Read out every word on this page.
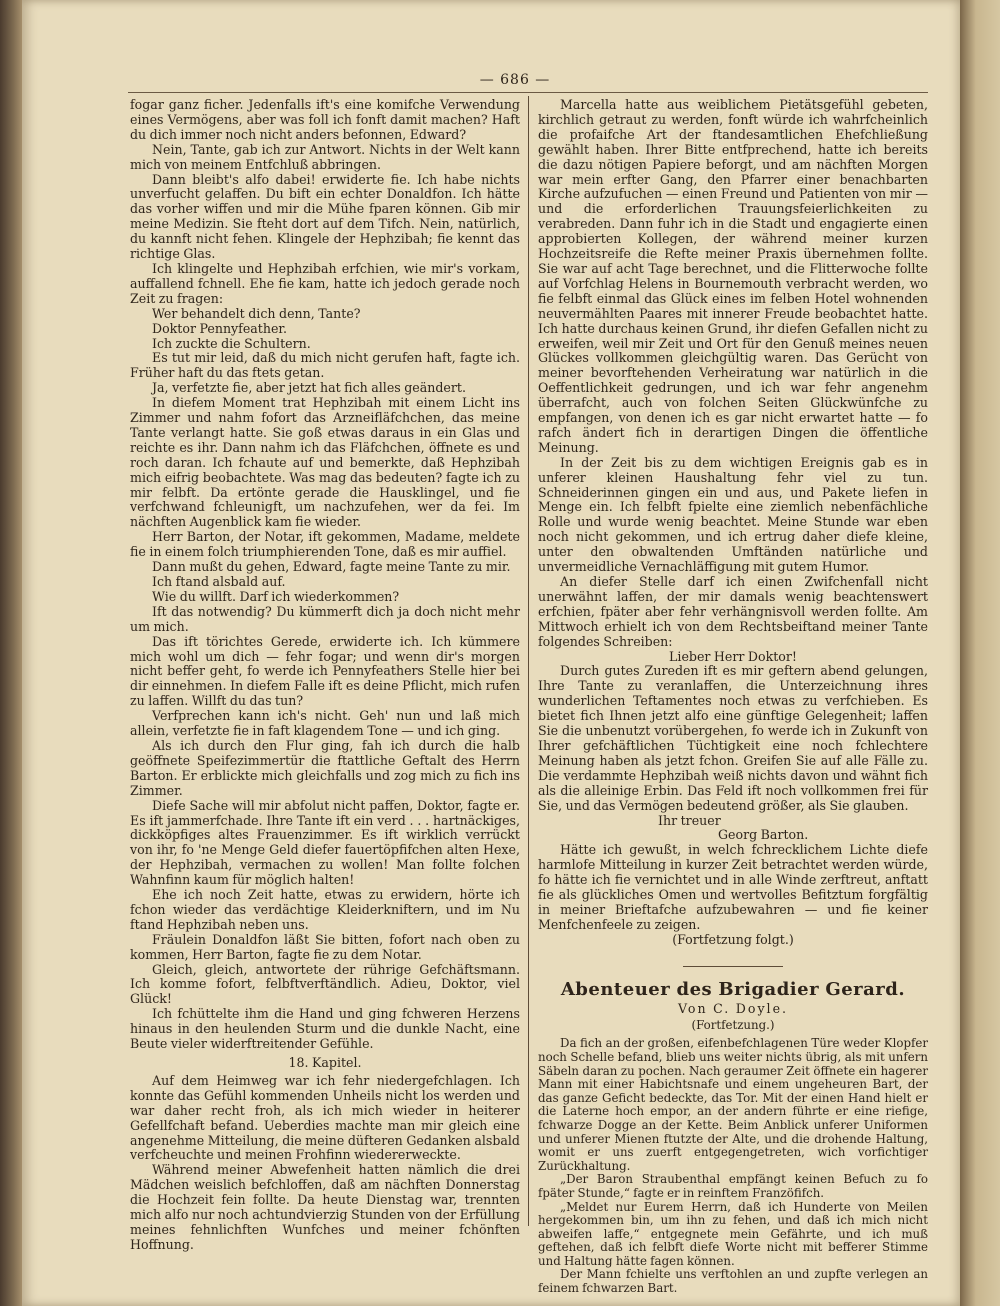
— 686 —

fogar ganz ficher. Jedenfalls ift's eine komifche Verwendung eines Vermögens, aber was foll ich fonft damit machen? Haft du dich immer noch nicht anders befonnen, Edward?

Nein, Tante, gab ich zur Antwort. Nichts in der Welt kann mich von meinem Entfchluß abbringen.

Dann bleibt's alfo dabei! erwiderte fie. Ich habe nichts unverfucht gelaffen. Du bift ein echter Donaldfon. Ich hätte das vorher wiffen und mir die Mühe fparen können. Gib mir meine Medizin. Sie fteht dort auf dem Tifch. Nein, natürlich, du kannft nicht fehen. Klingele der Hephzibah; fie kennt das richtige Glas.

Ich klingelte und Hephzibah erfchien, wie mir's vorkam, auffallend fchnell. Ehe fie kam, hatte ich jedoch gerade noch Zeit zu fragen:

Wer behandelt dich denn, Tante?

Doktor Pennyfeather.

Ich zuckte die Schultern.

Es tut mir leid, daß du mich nicht gerufen haft, fagte ich. Früher haft du das ftets getan.

Ja, verfetzte fie, aber jetzt hat fich alles geändert.

In diefem Moment trat Hephzibah mit einem Licht ins Zimmer und nahm fofort das Arzneifläfchchen, das meine Tante verlangt hatte. Sie goß etwas daraus in ein Glas und reichte es ihr. Dann nahm ich das Fläfchchen, öffnete es und roch daran. Ich fchaute auf und bemerkte, daß Hephzibah mich eifrig beobachtete. Was mag das bedeuten? fagte ich zu mir felbft. Da ertönte gerade die Hausklingel, und fie verfchwand fchleunigft, um nachzufehen, wer da fei. Im nächften Augenblick kam fie wieder.

Herr Barton, der Notar, ift gekommen, Madame, meldete fie in einem folch triumphierenden Tone, daß es mir auffiel.

Dann mußt du gehen, Edward, fagte meine Tante zu mir.

Ich ftand alsbald auf.

Wie du willft. Darf ich wiederkommen?

Ift das notwendig? Du kümmerft dich ja doch nicht mehr um mich.

Das ift törichtes Gerede, erwiderte ich. Ich kümmere mich wohl um dich — fehr fogar; und wenn dir's morgen nicht beffer geht, fo werde ich Pennyfeathers Stelle hier bei dir einnehmen. In diefem Falle ift es deine Pflicht, mich rufen zu laffen. Willft du das tun?

Verfprechen kann ich's nicht. Geh' nun und laß mich allein, verfetzte fie in faft klagendem Tone — und ich ging.

Als ich durch den Flur ging, fah ich durch die halb geöffnete Speifezimmertür die ftattliche Geftalt des Herrn Barton. Er erblickte mich gleichfalls und zog mich zu fich ins Zimmer.

Diefe Sache will mir abfolut nicht paffen, Doktor, fagte er. Es ift jammerfchade. Ihre Tante ift ein verd . . . hartnäckiges, dickköpfiges altes Frauenzimmer. Es ift wirklich verrückt von ihr, fo 'ne Menge Geld diefer fauertöpfifchen alten Hexe, der Hephzibah, vermachen zu wollen! Man follte folchen Wahnfinn kaum für möglich halten!

Ehe ich noch Zeit hatte, etwas zu erwidern, hörte ich fchon wieder das verdächtige Kleiderkniftern, und im Nu ftand Hephzibah neben uns.

Fräulein Donaldfon läßt Sie bitten, fofort nach oben zu kommen, Herr Barton, fagte fie zu dem Notar.

Gleich, gleich, antwortete der rührige Gefchäftsmann. Ich komme fofort, felbftverftändlich. Adieu, Doktor, viel Glück!

Ich fchüttelte ihm die Hand und ging fchweren Herzens hinaus in den heulenden Sturm und die dunkle Nacht, eine Beute vieler widerftreitender Gefühle.

18. Kapitel.

Auf dem Heimweg war ich fehr niedergefchlagen. Ich konnte das Gefühl kommenden Unheils nicht los werden und war daher recht froh, als ich mich wieder in heiterer Gefellfchaft befand. Ueberdies machte man mir gleich eine angenehme Mitteilung, die meine düfteren Gedanken alsbald verfcheuchte und meinen Frohfinn wiedererweckte.

Während meiner Abwefenheit hatten nämlich die drei Mädchen weislich befchloffen, daß am nächften Donnerstag die Hochzeit fein follte. Da heute Dienstag war, trennten mich alfo nur noch achtundvierzig Stunden von der Erfüllung meines fehnlichften Wunfches und meiner fchönften Hoffnung.

Marcella hatte aus weiblichem Pietätsgefühl gebeten, kirchlich getraut zu werden, fonft würde ich wahrfcheinlich die profaifche Art der ftandesamtlichen Ehefchließung gewählt haben. Ihrer Bitte entfprechend, hatte ich bereits die dazu nötigen Papiere beforgt, und am nächften Morgen war mein erfter Gang, den Pfarrer einer benachbarten Kirche aufzufuchen — einen Freund und Patienten von mir — und die erforderlichen Trauungsfeierlichkeiten zu verabreden. Dann fuhr ich in die Stadt und engagierte einen approbierten Kollegen, der während meiner kurzen Hochzeitsreife die Refte meiner Praxis übernehmen follte. Sie war auf acht Tage berechnet, und die Flitterwoche follte auf Vorfchlag Helens in Bournemouth verbracht werden, wo fie felbft einmal das Glück eines im felben Hotel wohnenden neuvermählten Paares mit innerer Freude beobachtet hatte. Ich hatte durchaus keinen Grund, ihr diefen Gefallen nicht zu erweifen, weil mir Zeit und Ort für den Genuß meines neuen Glückes vollkommen gleichgültig waren. Das Gerücht von meiner bevorftehenden Verheiratung war natürlich in die Oeffentlichkeit gedrungen, und ich war fehr angenehm überrafcht, auch von folchen Seiten Glückwünfche zu empfangen, von denen ich es gar nicht erwartet hatte — fo rafch ändert fich in derartigen Dingen die öffentliche Meinung.

In der Zeit bis zu dem wichtigen Ereignis gab es in unferer kleinen Haushaltung fehr viel zu tun. Schneiderinnen gingen ein und aus, und Pakete liefen in Menge ein. Ich felbft fpielte eine ziemlich nebenfächliche Rolle und wurde wenig beachtet. Meine Stunde war eben noch nicht gekommen, und ich ertrug daher diefe kleine, unter den obwaltenden Umftänden natürliche und unvermeidliche Vernachläffigung mit gutem Humor.

An diefer Stelle darf ich einen Zwifchenfall nicht unerwähnt laffen, der mir damals wenig beachtenswert erfchien, fpäter aber fehr verhängnisvoll werden follte. Am Mittwoch erhielt ich von dem Rechtsbeiftand meiner Tante folgendes Schreiben:

Lieber Herr Doktor!

Durch gutes Zureden ift es mir geftern abend gelungen, Ihre Tante zu veranlaffen, die Unterzeichnung ihres wunderlichen Teftamentes noch etwas zu verfchieben. Es bietet fich Ihnen jetzt alfo eine günftige Gelegenheit; laffen Sie die unbenutzt vorübergehen, fo werde ich in Zukunft von Ihrer gefchäftlichen Tüchtigkeit eine noch fchlechtere Meinung haben als jetzt fchon. Greifen Sie auf alle Fälle zu. Die verdammte Hephzibah weiß nichts davon und wähnt fich als die alleinige Erbin. Das Feld ift noch vollkommen frei für Sie, und das Vermögen bedeutend größer, als Sie glauben.

Ihr treuer

Georg Barton.

Hätte ich gewußt, in welch fchrecklichem Lichte diefe harmlofe Mitteilung in kurzer Zeit betrachtet werden würde, fo hätte ich fie vernichtet und in alle Winde zerftreut, anftatt fie als glückliches Omen und wertvolles Befitztum forgfältig in meiner Brieftafche aufzubewahren — und fie keiner Menfchenfeele zu zeigen.

(Fortfetzung folgt.)

Abenteuer des Brigadier Gerard.
Von C. Doyle.
(Fortfetzung.)

Da fich an der großen, eifenbefchlagenen Türe weder Klopfer noch Schelle befand, blieb uns weiter nichts übrig, als mit unfern Säbeln daran zu pochen. Nach geraumer Zeit öffnete ein hagerer Mann mit einer Habichtsnafe und einem ungeheuren Bart, der das ganze Geficht bedeckte, das Tor. Mit der einen Hand hielt er die Laterne hoch empor, an der andern führte er eine riefige, fchwarze Dogge an der Kette. Beim Anblick unferer Uniformen und unferer Mienen ftutzte der Alte, und die drohende Haltung, womit er uns zuerft entgegengetreten, wich vorfichtiger Zurückhaltung.

„Der Baron Straubenthal empfängt keinen Befuch zu fo fpäter Stunde,“ fagte er in reinftem Franzöfifch.

„Meldet nur Eurem Herrn, daß ich Hunderte von Meilen hergekommen bin, um ihn zu fehen, und daß ich mich nicht abweifen laffe,“ entgegnete mein Gefährte, und ich muß geftehen, daß ich felbft diefe Worte nicht mit befferer Stimme und Haltung hätte fagen können.

Der Mann fchielte uns verftohlen an und zupfte verlegen an feinem fchwarzen Bart.
